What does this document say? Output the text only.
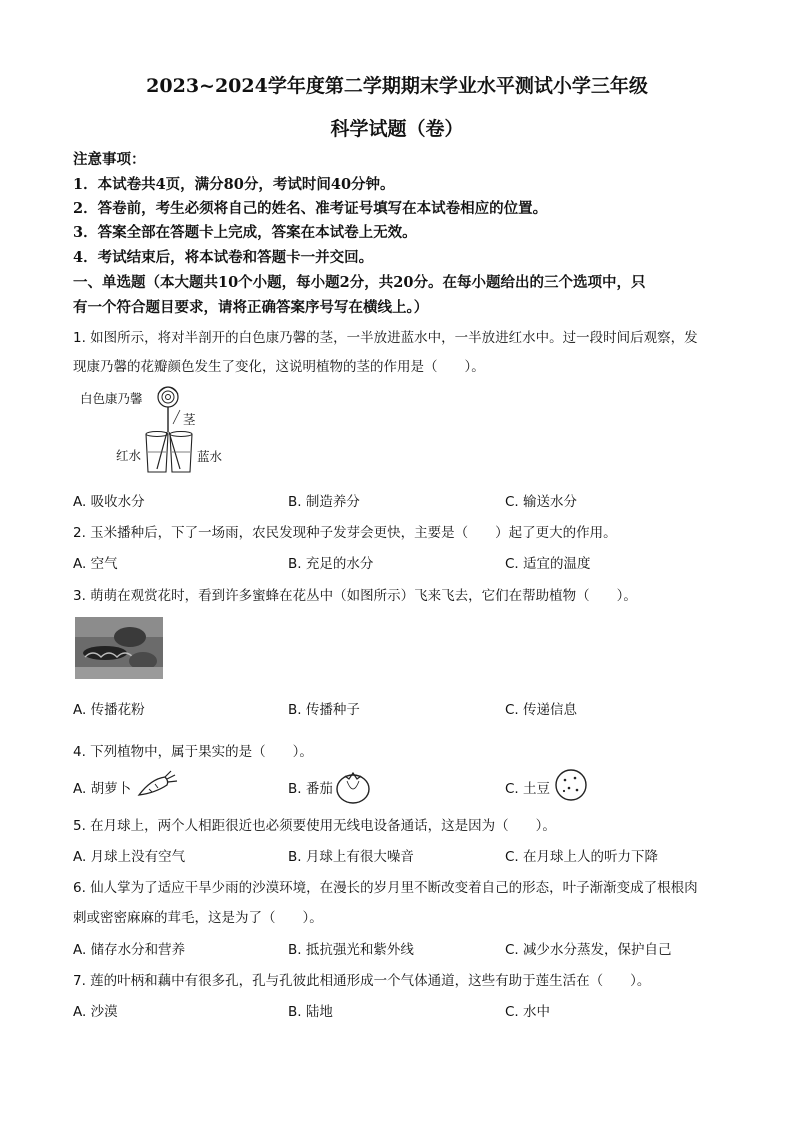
2023~2024学年度第二学期期末学业水平测试小学三年级
科学试题（卷）
注意事项：
1．本试卷共4页，满分80分，考试时间40分钟。
2．答卷前，考生必须将自己的姓名、准考证号填写在本试卷相应的位置。
3．答案全部在答题卡上完成，答案在本试卷上无效。
4．考试结束后，将本试卷和答题卡一并交回。
一、单选题（本大题共10个小题，每小题2分，共20分。在每小题给出的三个选项中，只
有一个符合题目要求，请将正确答案序号写在横线上。）
1. 如图所示，将对半剖开的白色康乃馨的茎，一半放进蓝水中，一半放进红水中。过一段时间后观察，发
现康乃馨的花瓣颜色发生了变化，这说明植物的茎的作用是（　　）。
白色康乃馨
茎
红水	蓝水
A. 吸收水分	B. 制造养分	C. 输送水分
2. 玉米播种后，下了一场雨，农民发现种子发芽会更快，主要是（　　）起了更大的作用。
A. 空气	B. 充足的水分	C. 适宜的温度
3. 萌萌在观赏花时，看到许多蜜蜂在花丛中（如图所示）飞来飞去，它们在帮助植物（　　）。
A. 传播花粉	B. 传播种子	C. 传递信息
4. 下列植物中，属于果实的是（　　）。
A. 胡萝卜	B. 番茄	C. 土豆
5. 在月球上，两个人相距很近也必须要使用无线电设备通话，这是因为（　　）。
A. 月球上没有空气	B. 月球上有很大噪音	C. 在月球上人的听力下降
6. 仙人掌为了适应干旱少雨的沙漠环境，在漫长的岁月里不断改变着自己的形态，叶子渐渐变成了根根肉
刺或密密麻麻的茸毛，这是为了（　　）。
A. 储存水分和营养	B. 抵抗强光和紫外线	C. 减少水分蒸发，保护自己
7. 莲的叶柄和藕中有很多孔，孔与孔彼此相通形成一个气体通道，这些有助于莲生活在（　　）。
A. 沙漠	B. 陆地	C. 水中
